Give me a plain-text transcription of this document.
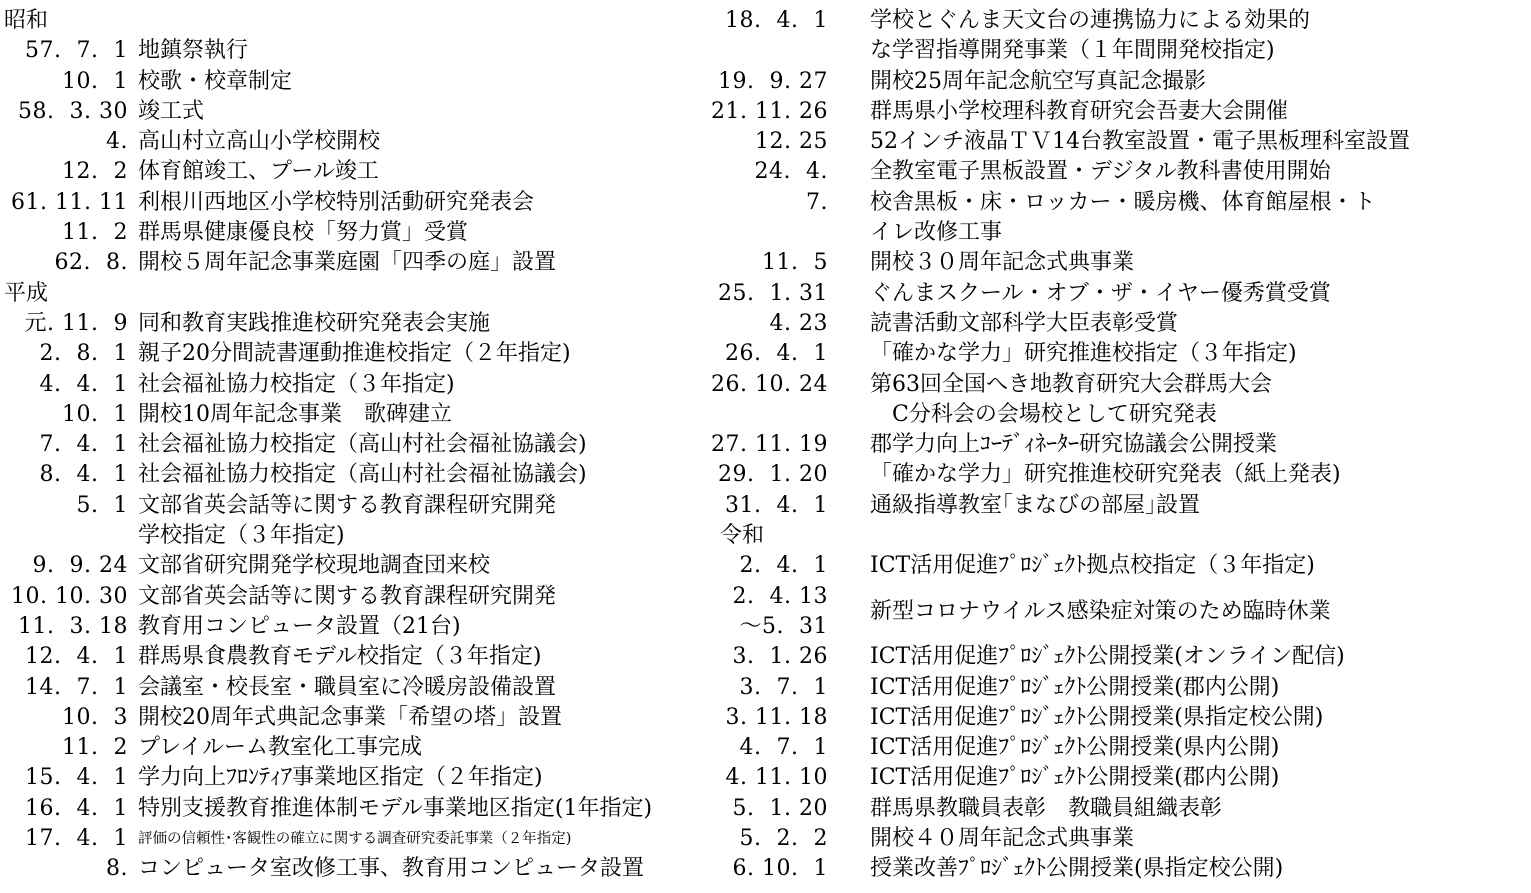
昭和
57.  7.  1 地鎮祭執行
10.  1 校歌・校章制定
58.  3. 30 竣工式
4. 高山村立高山小学校開校
12.  2 体育館竣工、プール竣工
61. 11. 11 利根川西地区小学校特別活動研究発表会
11.  2 群馬県健康優良校「努力賞」受賞
62.  8. 開校５周年記念事業庭園「四季の庭」設置
平成
元. 11.  9 同和教育実践推進校研究発表会実施
2.  8.  1 親子20分間読書運動推進校指定（２年指定)
4.  4.  1 社会福祉協力校指定（３年指定)
10.  1 開校10周年記念事業　歌碑建立
7.  4.  1 社会福祉協力校指定（高山村社会福祉協議会)
8.  4.  1 社会福祉協力校指定（高山村社会福祉協議会)
5.  1 文部省英会話等に関する教育課程研究開発
学校指定（３年指定)
9.  9. 24 文部省研究開発学校現地調査団来校
10. 10. 30 文部省英会話等に関する教育課程研究開発
11.  3. 18 教育用コンピュータ設置（21台)
12.  4.  1 群馬県食農教育モデル校指定（３年指定)
14.  7.  1 会議室・校長室・職員室に冷暖房設備設置
10.  3 開校20周年式典記念事業「希望の塔」設置
11.  2 プレイルーム教室化工事完成
15.  4.  1 学力向上ﾌﾛﾝﾃｨｱ事業地区指定（２年指定)
16.  4.  1 特別支援教育推進体制モデル事業地区指定(1年指定)
17.  4.  1 評価の信頼性･客観性の確立に関する調査研究委託事業（２年指定)
8. コンピュータ室改修工事、教育用コンピュータ設置
18.  4.  1 学校とぐんま天文台の連携協力による効果的
な学習指導開発事業（１年間開発校指定)
19.  9. 27 開校25周年記念航空写真記念撮影
21. 11. 26 群馬県小学校理科教育研究会吾妻大会開催
12. 25 52インチ液晶ＴＶ14台教室設置・電子黒板理科室設置
24.  4. 全教室電子黒板設置・デジタル教科書使用開始
7. 校舎黒板・床・ロッカー・暖房機、体育館屋根・ト
イレ改修工事
11.  5 開校３０周年記念式典事業
25.  1. 31 ぐんまスクール・オブ・ザ・イヤー優秀賞受賞
4. 23 読書活動文部科学大臣表彰受賞
26.  4.  1 「確かな学力」研究推進校指定（３年指定)
26. 10. 24 第63回全国へき地教育研究大会群馬大会
　C分科会の会場校として研究発表
27. 11. 19 郡学力向上ｺｰﾃﾞｨﾈｰﾀｰ研究協議会公開授業
29.  1. 20 「確かな学力」研究推進校研究発表（紙上発表)
31.  4.  1 通級指導教室｢まなびの部屋｣設置
令和
2.  4.  1 ICT活用促進ﾌﾟﾛｼﾞｪｸﾄ拠点校指定（３年指定)
2.  4. 13
～5.  31
新型コロナウイルス感染症対策のため臨時休業
3.  1. 26 ICT活用促進ﾌﾟﾛｼﾞｪｸﾄ公開授業(オンライン配信)
3.  7.  1 ICT活用促進ﾌﾟﾛｼﾞｪｸﾄ公開授業(郡内公開)
3. 11. 18 ICT活用促進ﾌﾟﾛｼﾞｪｸﾄ公開授業(県指定校公開)
4.  7.  1 ICT活用促進ﾌﾟﾛｼﾞｪｸﾄ公開授業(県内公開)
4. 11. 10 ICT活用促進ﾌﾟﾛｼﾞｪｸﾄ公開授業(郡内公開)
5.  1. 20 群馬県教職員表彰　教職員組織表彰
5.  2.  2 開校４０周年記念式典事業
6. 10.  1 授業改善ﾌﾟﾛｼﾞｪｸﾄ公開授業(県指定校公開)
